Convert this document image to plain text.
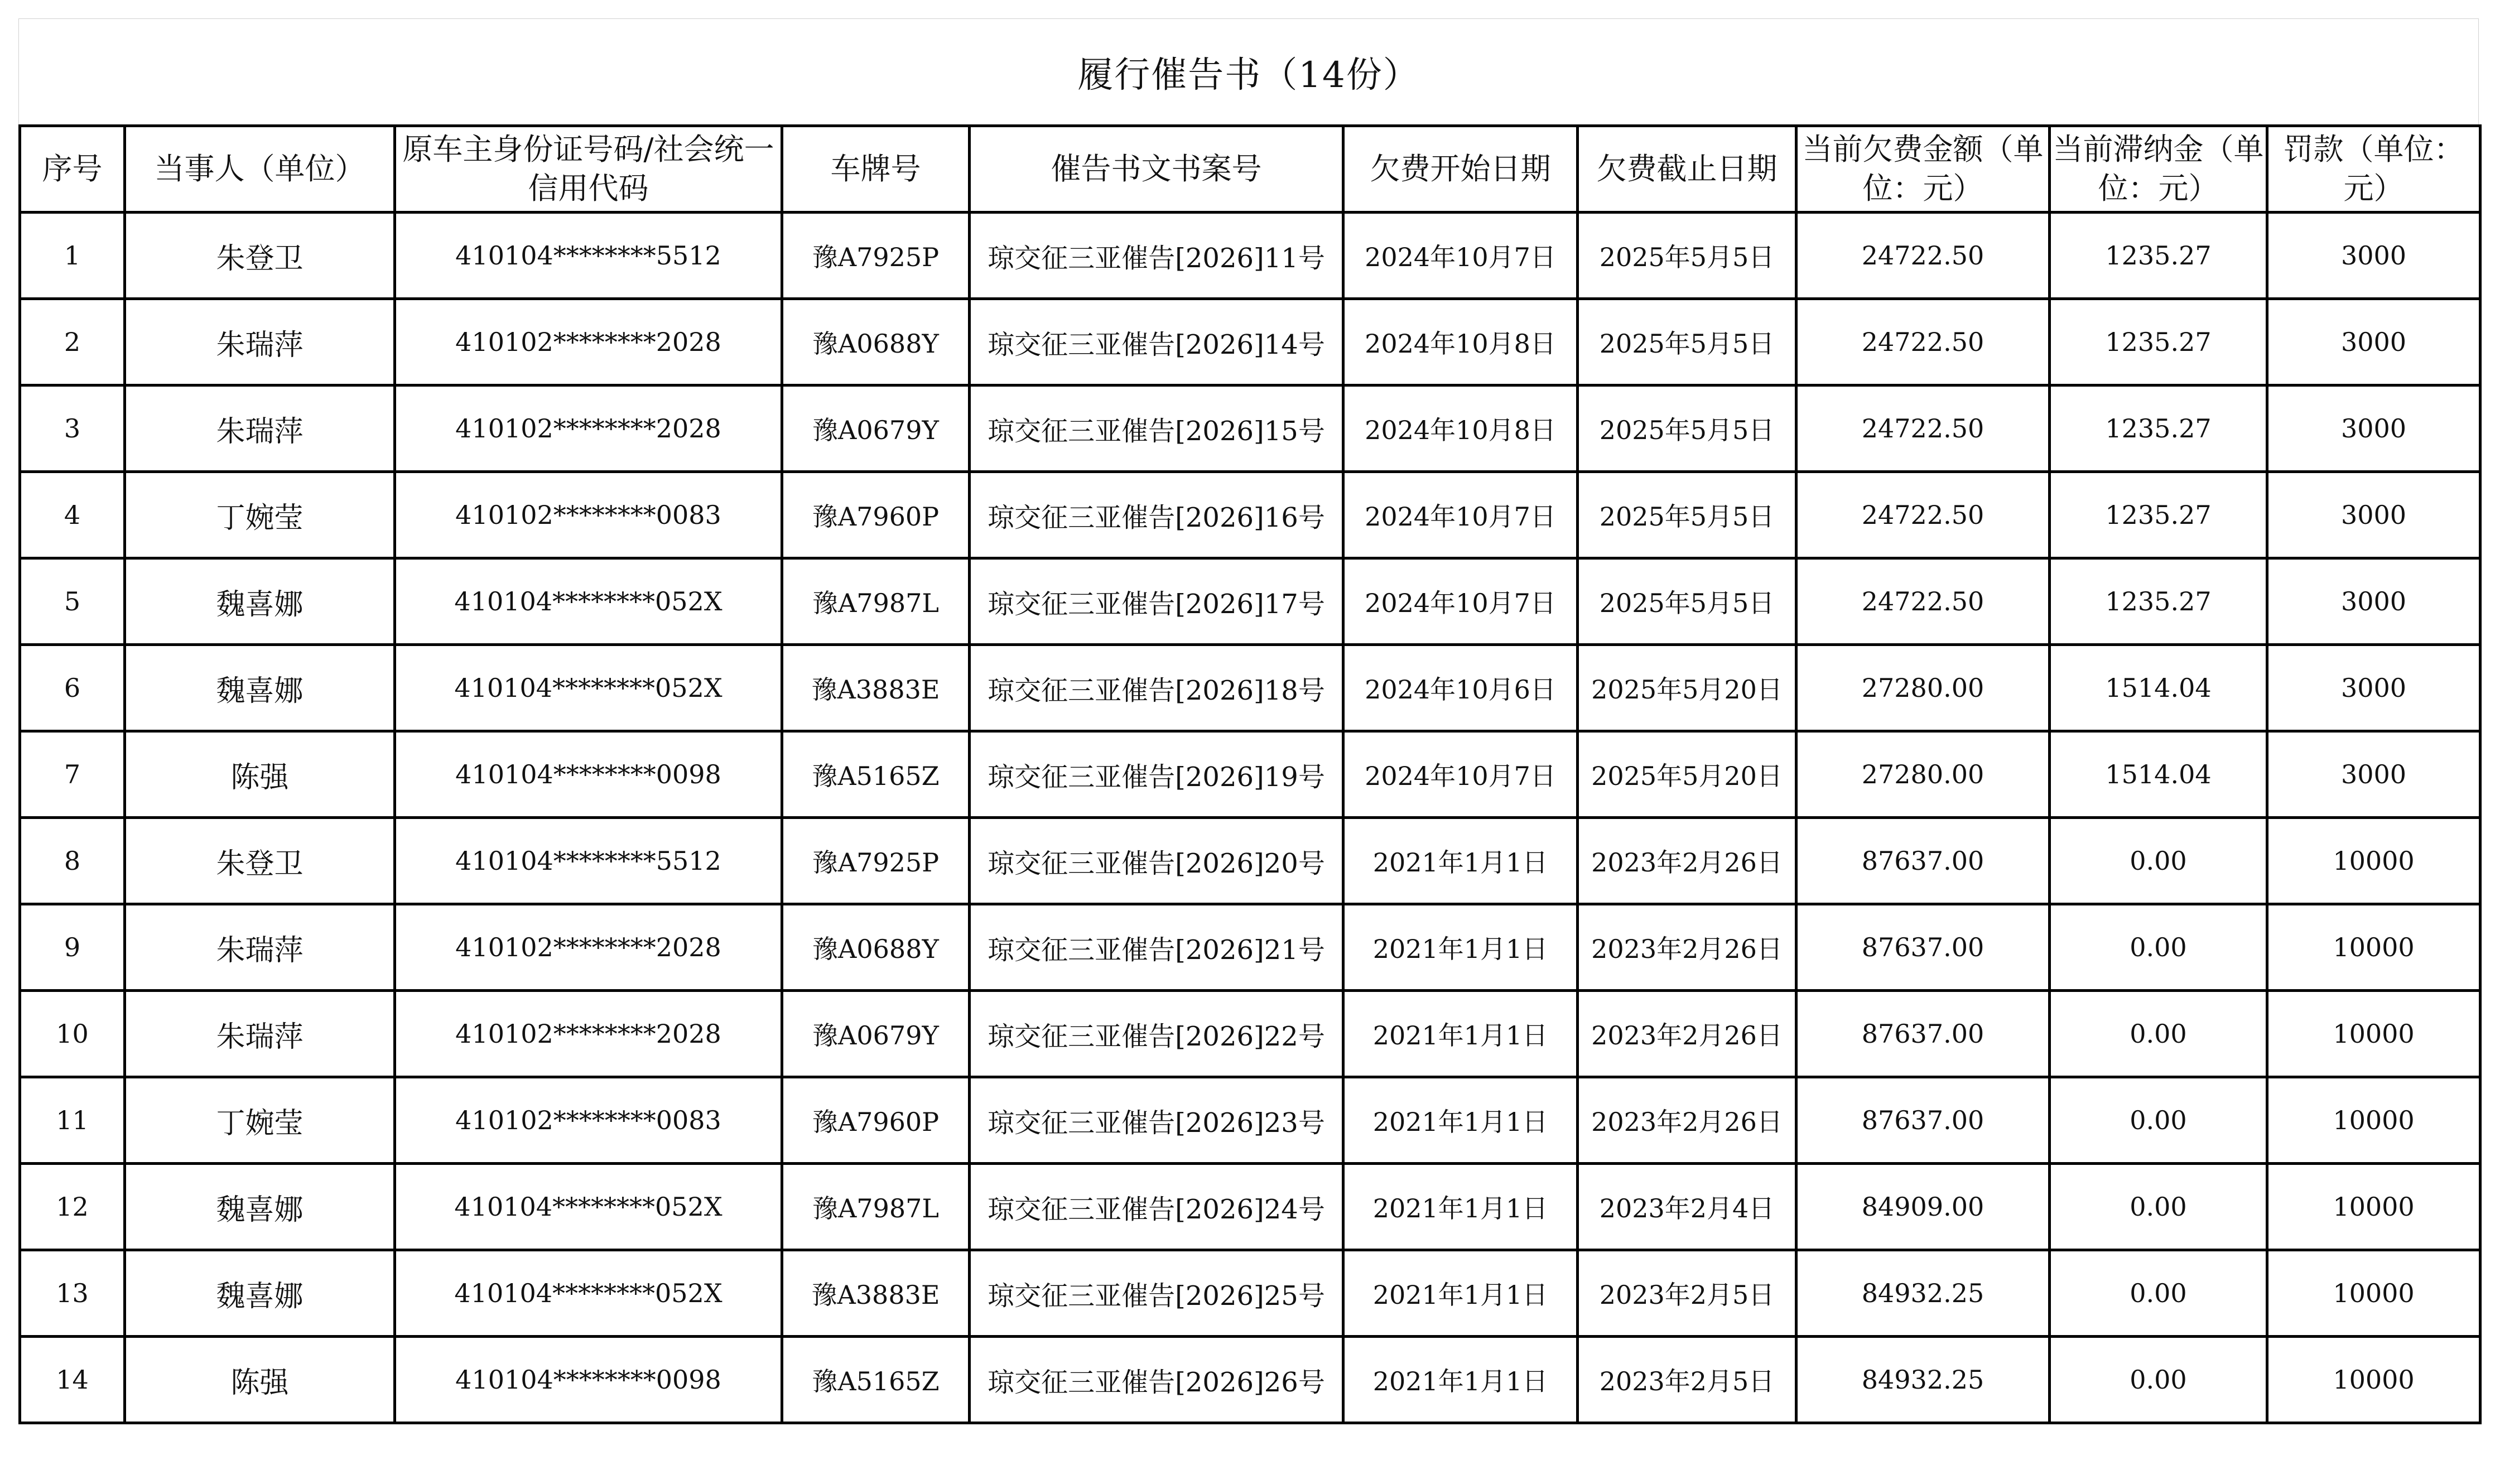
履行催告书（14份）
序号	当事人（单位）	原车主身份证号码/社会统一信用代码	车牌号	催告书文书案号	欠费开始日期	欠费截止日期	当前欠费金额（单位：元）	当前滞纳金（单位：元）	罚款（单位：元）
1	朱登卫	410104********5512	豫A7925P	琼交征三亚催告[2026]11号	2024年10月7日	2025年5月5日	24722.50	1235.27	3000
2	朱瑞萍	410102********2028	豫A0688Y	琼交征三亚催告[2026]14号	2024年10月8日	2025年5月5日	24722.50	1235.27	3000
3	朱瑞萍	410102********2028	豫A0679Y	琼交征三亚催告[2026]15号	2024年10月8日	2025年5月5日	24722.50	1235.27	3000
4	丁婉莹	410102********0083	豫A7960P	琼交征三亚催告[2026]16号	2024年10月7日	2025年5月5日	24722.50	1235.27	3000
5	魏喜娜	410104********052X	豫A7987L	琼交征三亚催告[2026]17号	2024年10月7日	2025年5月5日	24722.50	1235.27	3000
6	魏喜娜	410104********052X	豫A3883E	琼交征三亚催告[2026]18号	2024年10月6日	2025年5月20日	27280.00	1514.04	3000
7	陈强	410104********0098	豫A5165Z	琼交征三亚催告[2026]19号	2024年10月7日	2025年5月20日	27280.00	1514.04	3000
8	朱登卫	410104********5512	豫A7925P	琼交征三亚催告[2026]20号	2021年1月1日	2023年2月26日	87637.00	0.00	10000
9	朱瑞萍	410102********2028	豫A0688Y	琼交征三亚催告[2026]21号	2021年1月1日	2023年2月26日	87637.00	0.00	10000
10	朱瑞萍	410102********2028	豫A0679Y	琼交征三亚催告[2026]22号	2021年1月1日	2023年2月26日	87637.00	0.00	10000
11	丁婉莹	410102********0083	豫A7960P	琼交征三亚催告[2026]23号	2021年1月1日	2023年2月26日	87637.00	0.00	10000
12	魏喜娜	410104********052X	豫A7987L	琼交征三亚催告[2026]24号	2021年1月1日	2023年2月4日	84909.00	0.00	10000
13	魏喜娜	410104********052X	豫A3883E	琼交征三亚催告[2026]25号	2021年1月1日	2023年2月5日	84932.25	0.00	10000
14	陈强	410104********0098	豫A5165Z	琼交征三亚催告[2026]26号	2021年1月1日	2023年2月5日	84932.25	0.00	10000
